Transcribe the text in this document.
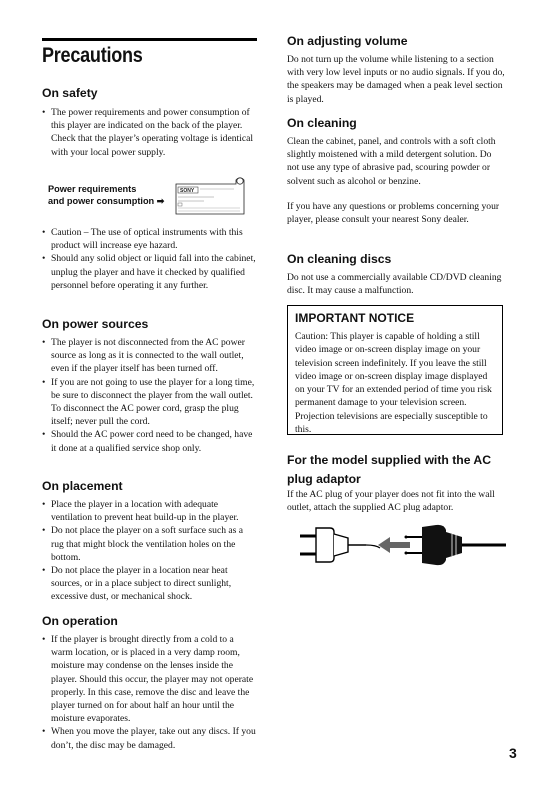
Precautions
On safety
• The power requirements and power consumption of this player are indicated on the back of the player. Check that the player’s operating voltage is identical with your local power supply.
Power requirements
and power consumption ➡
SONY
• Caution – The use of optical instruments with this product will increase eye hazard.
• Should any solid object or liquid fall into the cabinet, unplug the player and have it checked by qualified personnel before operating it any further.
On power sources
• The player is not disconnected from the AC power source as long as it is connected to the wall outlet, even if the player itself has been turned off.
• If you are not going to use the player for a long time, be sure to disconnect the player from the wall outlet. To disconnect the AC power cord, grasp the plug itself; never pull the cord.
• Should the AC power cord need to be changed, have it done at a qualified service shop only.
On placement
• Place the player in a location with adequate ventilation to prevent heat build-up in the player.
• Do not place the player on a soft surface such as a rug that might block the ventilation holes on the bottom.
• Do not place the player in a location near heat sources, or in a place subject to direct sunlight, excessive dust, or mechanical shock.
On operation
• If the player is brought directly from a cold to a warm location, or is placed in a very damp room, moisture may condense on the lenses inside the player. Should this occur, the player may not operate properly. In this case, remove the disc and leave the player turned on for about half an hour until the moisture evaporates.
• When you move the player, take out any discs. If you don’t, the disc may be damaged.
On adjusting volume

Do not turn up the volume while listening to a section with very low level inputs or no audio signals. If you do, the speakers may be damaged when a peak level section is played.

On cleaning

Clean the cabinet, panel, and controls with a soft cloth slightly moistened with a mild detergent solution. Do not use any type of abrasive pad, scouring powder or solvent such as alcohol or benzine.

If you have any questions or problems concerning your player, please consult your nearest Sony dealer.

On cleaning discs

Do not use a commercially available CD/DVD cleaning disc. It may cause a malfunction.

IMPORTANT NOTICE
Caution: This player is capable of holding a still video image or on-screen display image on your television screen indefinitely. If you leave the still video image or on-screen display image displayed on your TV for an extended period of time you risk permanent damage to your television screen. Projection televisions are especially susceptible to this.
For the model supplied with the AC plug adaptor

If the AC plug of your player does not fit into the wall outlet, attach the supplied AC plug adaptor.

3
